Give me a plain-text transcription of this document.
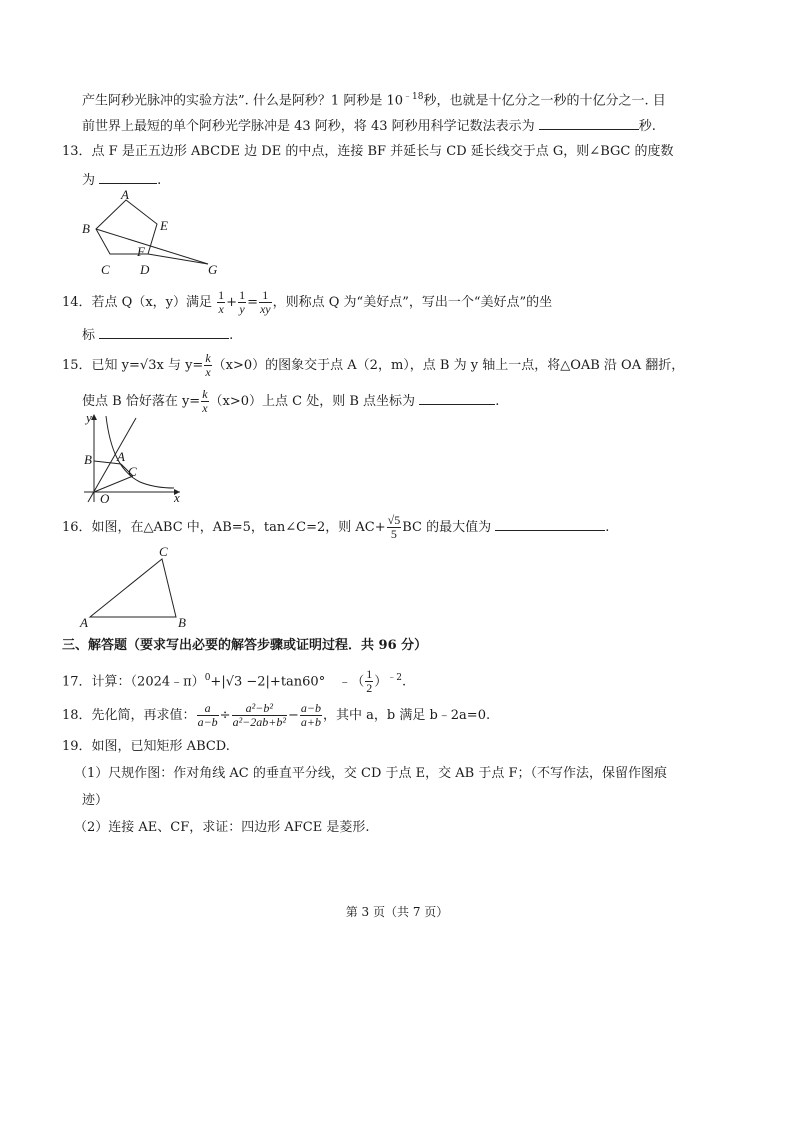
产生阿秒光脉冲的实验方法”. 什么是阿秒？1 阿秒是 $10^{﹣18}$秒，也就是十亿分之一秒的十亿分之一. 目
前世界上最短的单个阿秒光学脉冲是 43 阿秒，将 43 阿秒用科学记数法表示为	秒.
13．点 F 是正五边形 ABCDE 边 DE 的中点，连接 BF 并延长与 CD 延长线交于点 G，则∠BGC 的度数
为	.
A
B
C D
E
F
G
14．若点 Q（x，y）满足 $\frac{1}{x} + \frac{1}{y} = \frac{1}{xy}$ ，则称点 Q 为“美好点”，写出一个“美好点”的坐
标	.
15．已知 y=√3x 与 $y= \frac{k}{x} (x>0)$的图象交于点 A（2，m），点 B 为 y 轴上一点，将△OAB 沿 OA 翻折，
使点 B 恰好落在 $y= \frac{k}{x} (x>0)$上点 C 处，则 B 点坐标为	.
y
x
O
A
B
C
16．如图，在△ABC 中，AB=5，tan∠C=2，则 $AC+ \frac{√5}{5}$ BC 的最大值为	.
A	B
C
三、解答题（要求写出必要的解答步骤或证明过程．共 96 分）
17．计算：（2024﹣π）$^0$+|√3 −2|+tan60°　﹣（ $\frac{1}{2} )^{﹣2}$.
18．先化简，再求值： $\frac{a}{a-b} \div \frac{\text{a²−b²}}{\text{a²−2ab+b²}} - \frac{a-b}{a+b}$ ，其中 a，b 满足 b﹣2a=0.
19．如图，已知矩形 ABCD.
（1）尺规作图：作对角线 AC 的垂直平分线，交 CD 于点 E，交 AB 于点 F；（不写作法，保留作图痕
迹）
（2）连接 AE、CF，求证：四边形 AFCE 是菱形.
第 3 页（共 7 页）
